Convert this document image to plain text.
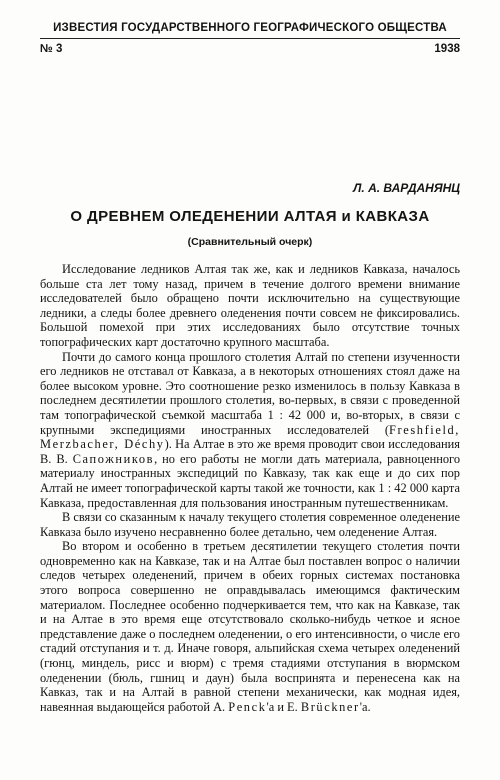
ИЗВЕСТИЯ ГОСУДАРСТВЕННОГО ГЕОГРАФИЧЕСКОГО ОБЩЕСТВА
№ 3	1938
Л. А. ВАРДАНЯНЦ
О ДРЕВНЕМ ОЛЕДЕНЕНИИ АЛТАЯ и КАВКАЗА
(Сравнительный очерк)

Исследование ледников Алтая так же, как и ледников Кавказа, началось больше ста лет тому назад, причем в течение долгого времени внимание исследователей было обращено почти исключительно на существующие ледники, а следы более древнего оледенения почти совсем не фиксировались. Большой помехой при этих исследованиях было отсутствие точных топографических карт достаточно крупного масштаба.

Почти до самого конца прошлого столетия Алтай по степени изученности его ледников не отставал от Кавказа, а в некоторых отношениях стоял даже на более высоком уровне. Это соотношение резко изменилось в пользу Кавказа в последнем десятилетии прошлого столетия, во-первых, в связи с проведенной там топографической съемкой масштаба 1 : 42 000 и, во-вторых, в связи с крупными экспедициями иностранных исследователей (Freshfield, Merzbacher, Déchy). На Алтае в это же время проводит свои исследования В. В. Сапожников, но его работы не могли дать материала, равноценного материалу иностранных экспедиций по Кавказу, так как еще и до сих пор Алтай не имеет топографической карты такой же точности, как 1 : 42 000 карта Кавказа, предоставленная для пользования иностранным путешественникам.

В связи со сказанным к началу текущего столетия современное оледенение Кавказа было изучено несравненно более детально, чем оледенение Алтая.

Во втором и особенно в третьем десятилетии текущего столетия почти одновременно как на Кавказе, так и на Алтае был поставлен вопрос о наличии следов четырех оледенений, причем в обеих горных системах постановка этого вопроса совершенно не оправдывалась имеющимся фактическим материалом. Последнее особенно подчеркивается тем, что как на Кавказе, так и на Алтае в это время еще отсутствовало сколько-нибудь четкое и ясное представление даже о последнем оледенении, о его интенсивности, о числе его стадий отступания и т. д. Иначе говоря, альпийская схема четырех оледенений (гюнц, миндель, рисс и вюрм) с тремя стадиями отступания в вюрмском оледенении (бюль, гшниц и даун) была воспринята и перенесена как на Кавказ, так и на Алтай в равной степени механически, как модная идея, навеянная выдающейся работой A. Penck'а и E. Brückner'а.
